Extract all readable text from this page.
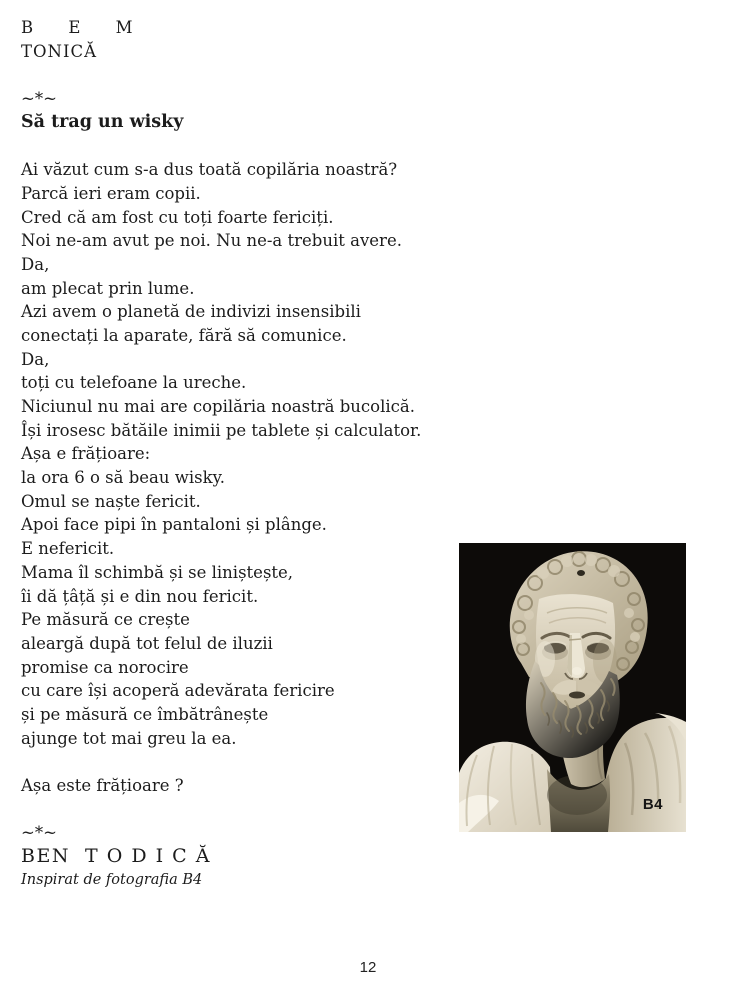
B E M
TONICĂ
~*~
Să trag un wisky
Ai văzut cum s-a dus toată copilăria noastră?
Parcă ieri eram copii.
Cred că am fost cu toți foarte fericiți.
Noi ne-am avut pe noi. Nu ne-a trebuit avere.
Da,
am plecat prin lume.
Azi avem o planetă de indivizi insensibili
conectați la aparate, fără să comunice.
Da,
toți cu telefoane la ureche.
Niciunul nu mai are copilăria noastră bucolică.
Își irosesc bătăile inimii pe tablete și calculator.
Așa e frățioare:
la ora 6 o să beau wisky.
Omul se naște fericit.
Apoi face pipi în pantaloni și plânge.
E nefericit.
Mama îl schimbă și se liniștește,
îi dă țâță și e din nou fericit.
Pe măsură ce crește
aleargă după tot felul de iluzii
promise ca norocire
cu care își acoperă adevărata fericire
și pe măsură ce îmbătrânește
ajunge tot mai greu la ea.
Așa este frățioare ?
~*~
BEN  T O D I C Ă
Inspirat de fotografia B4
B4
12
